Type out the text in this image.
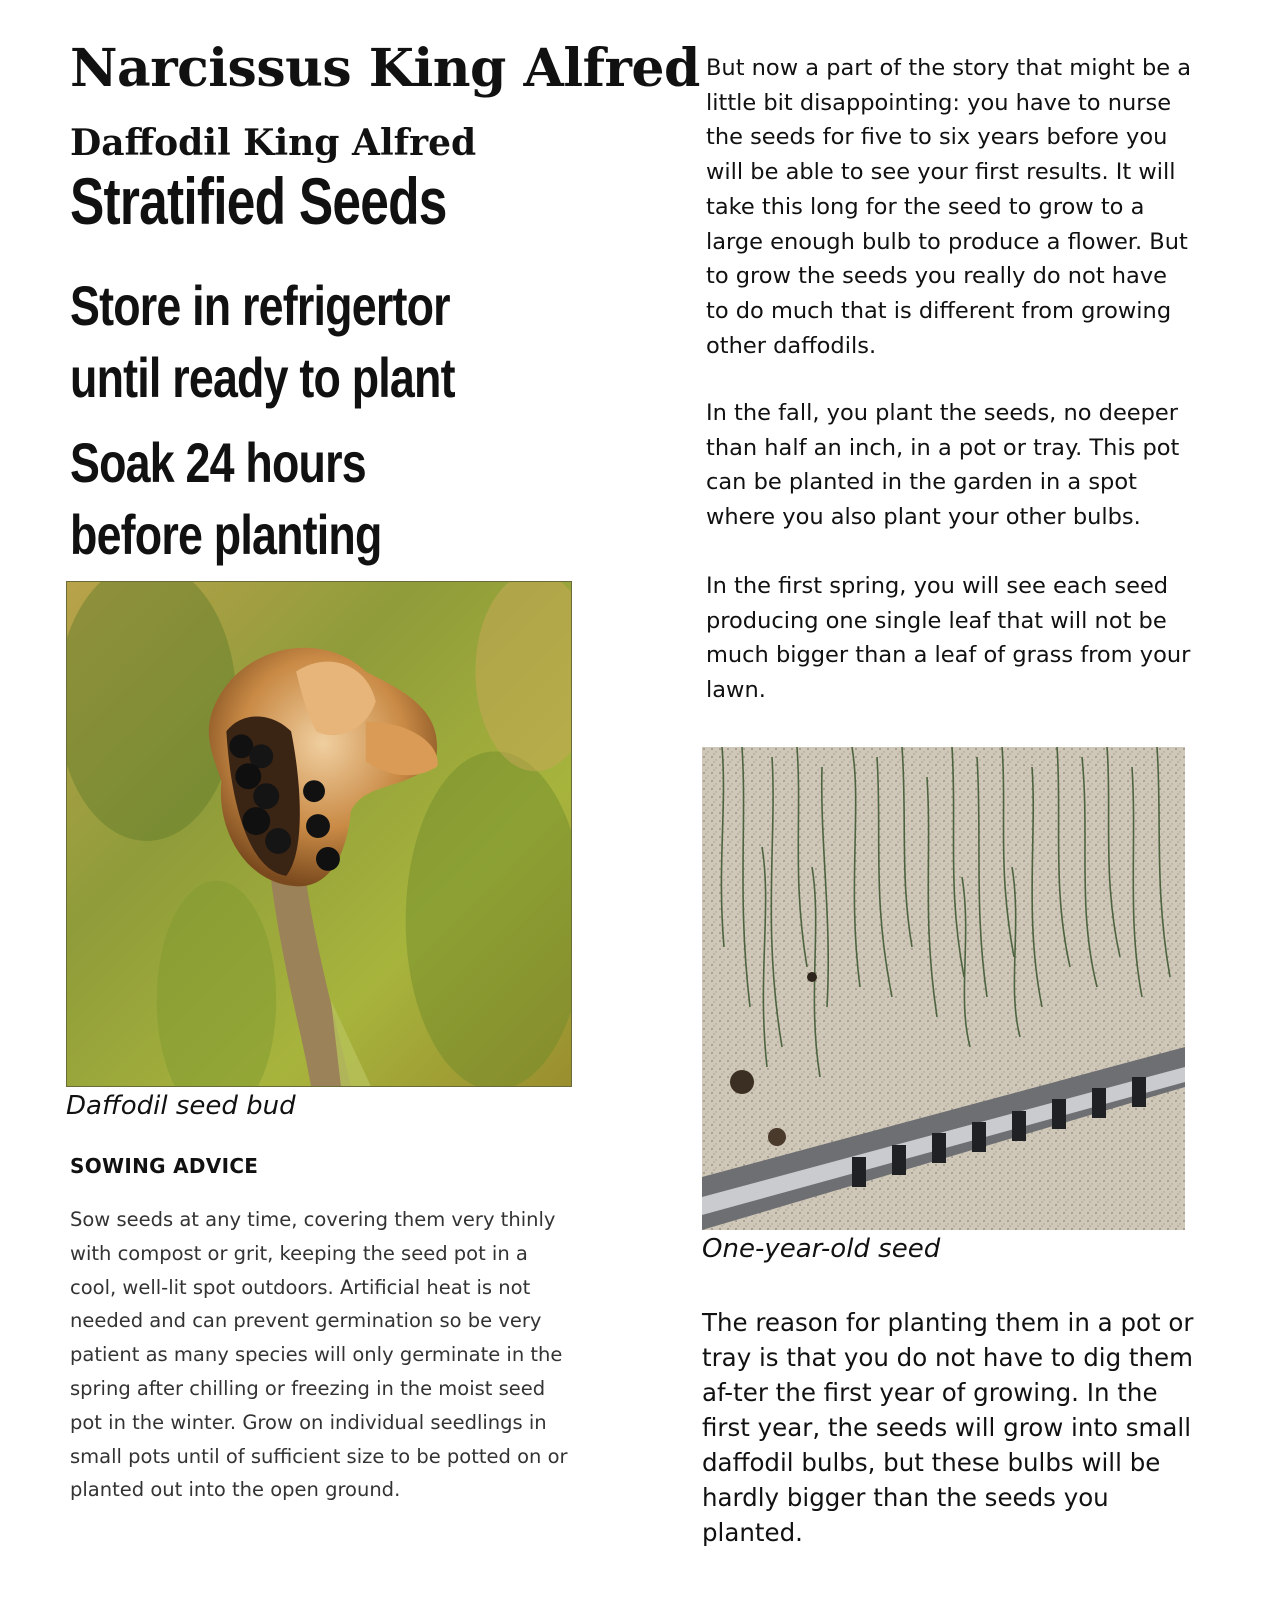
Narcissus King Alfred
Daffodil King Alfred
Stratified Seeds
Store in refrigertor until ready to plant
Soak 24 hours before planting
Daffodil seed bud
SOWING ADVICE
Sow seeds at any time, covering them very thinly with compost or grit, keeping the seed pot in a cool, well-lit spot outdoors. Artificial heat is not needed and can prevent germination so be very patient as many species will only germinate in the spring after chilling or freezing in the moist seed pot in the winter. Grow on individual seedlings in small pots until of sufficient size to be potted on or planted out into the open ground.
But now a part of the story that might be a little bit disappointing: you have to nurse the seeds for five to six years before you will be able to see your first results. It will take this long for the seed to grow to a large enough bulb to produce a flower. But to grow the seeds you really do not have to do much that is different from growing other daffodils.
In the fall, you plant the seeds, no deeper than half an inch, in a pot or tray. This pot can be planted in the garden in a spot where you also plant your other bulbs.
In the first spring, you will see each seed producing one single leaf that will not be much bigger than a leaf of grass from your lawn.
One-year-old seed
The reason for planting them in a pot or tray is that you do not have to dig them af-ter the first year of growing. In the first year, the seeds will grow into small daffodil bulbs, but these bulbs will be hardly bigger than the seeds you planted.
